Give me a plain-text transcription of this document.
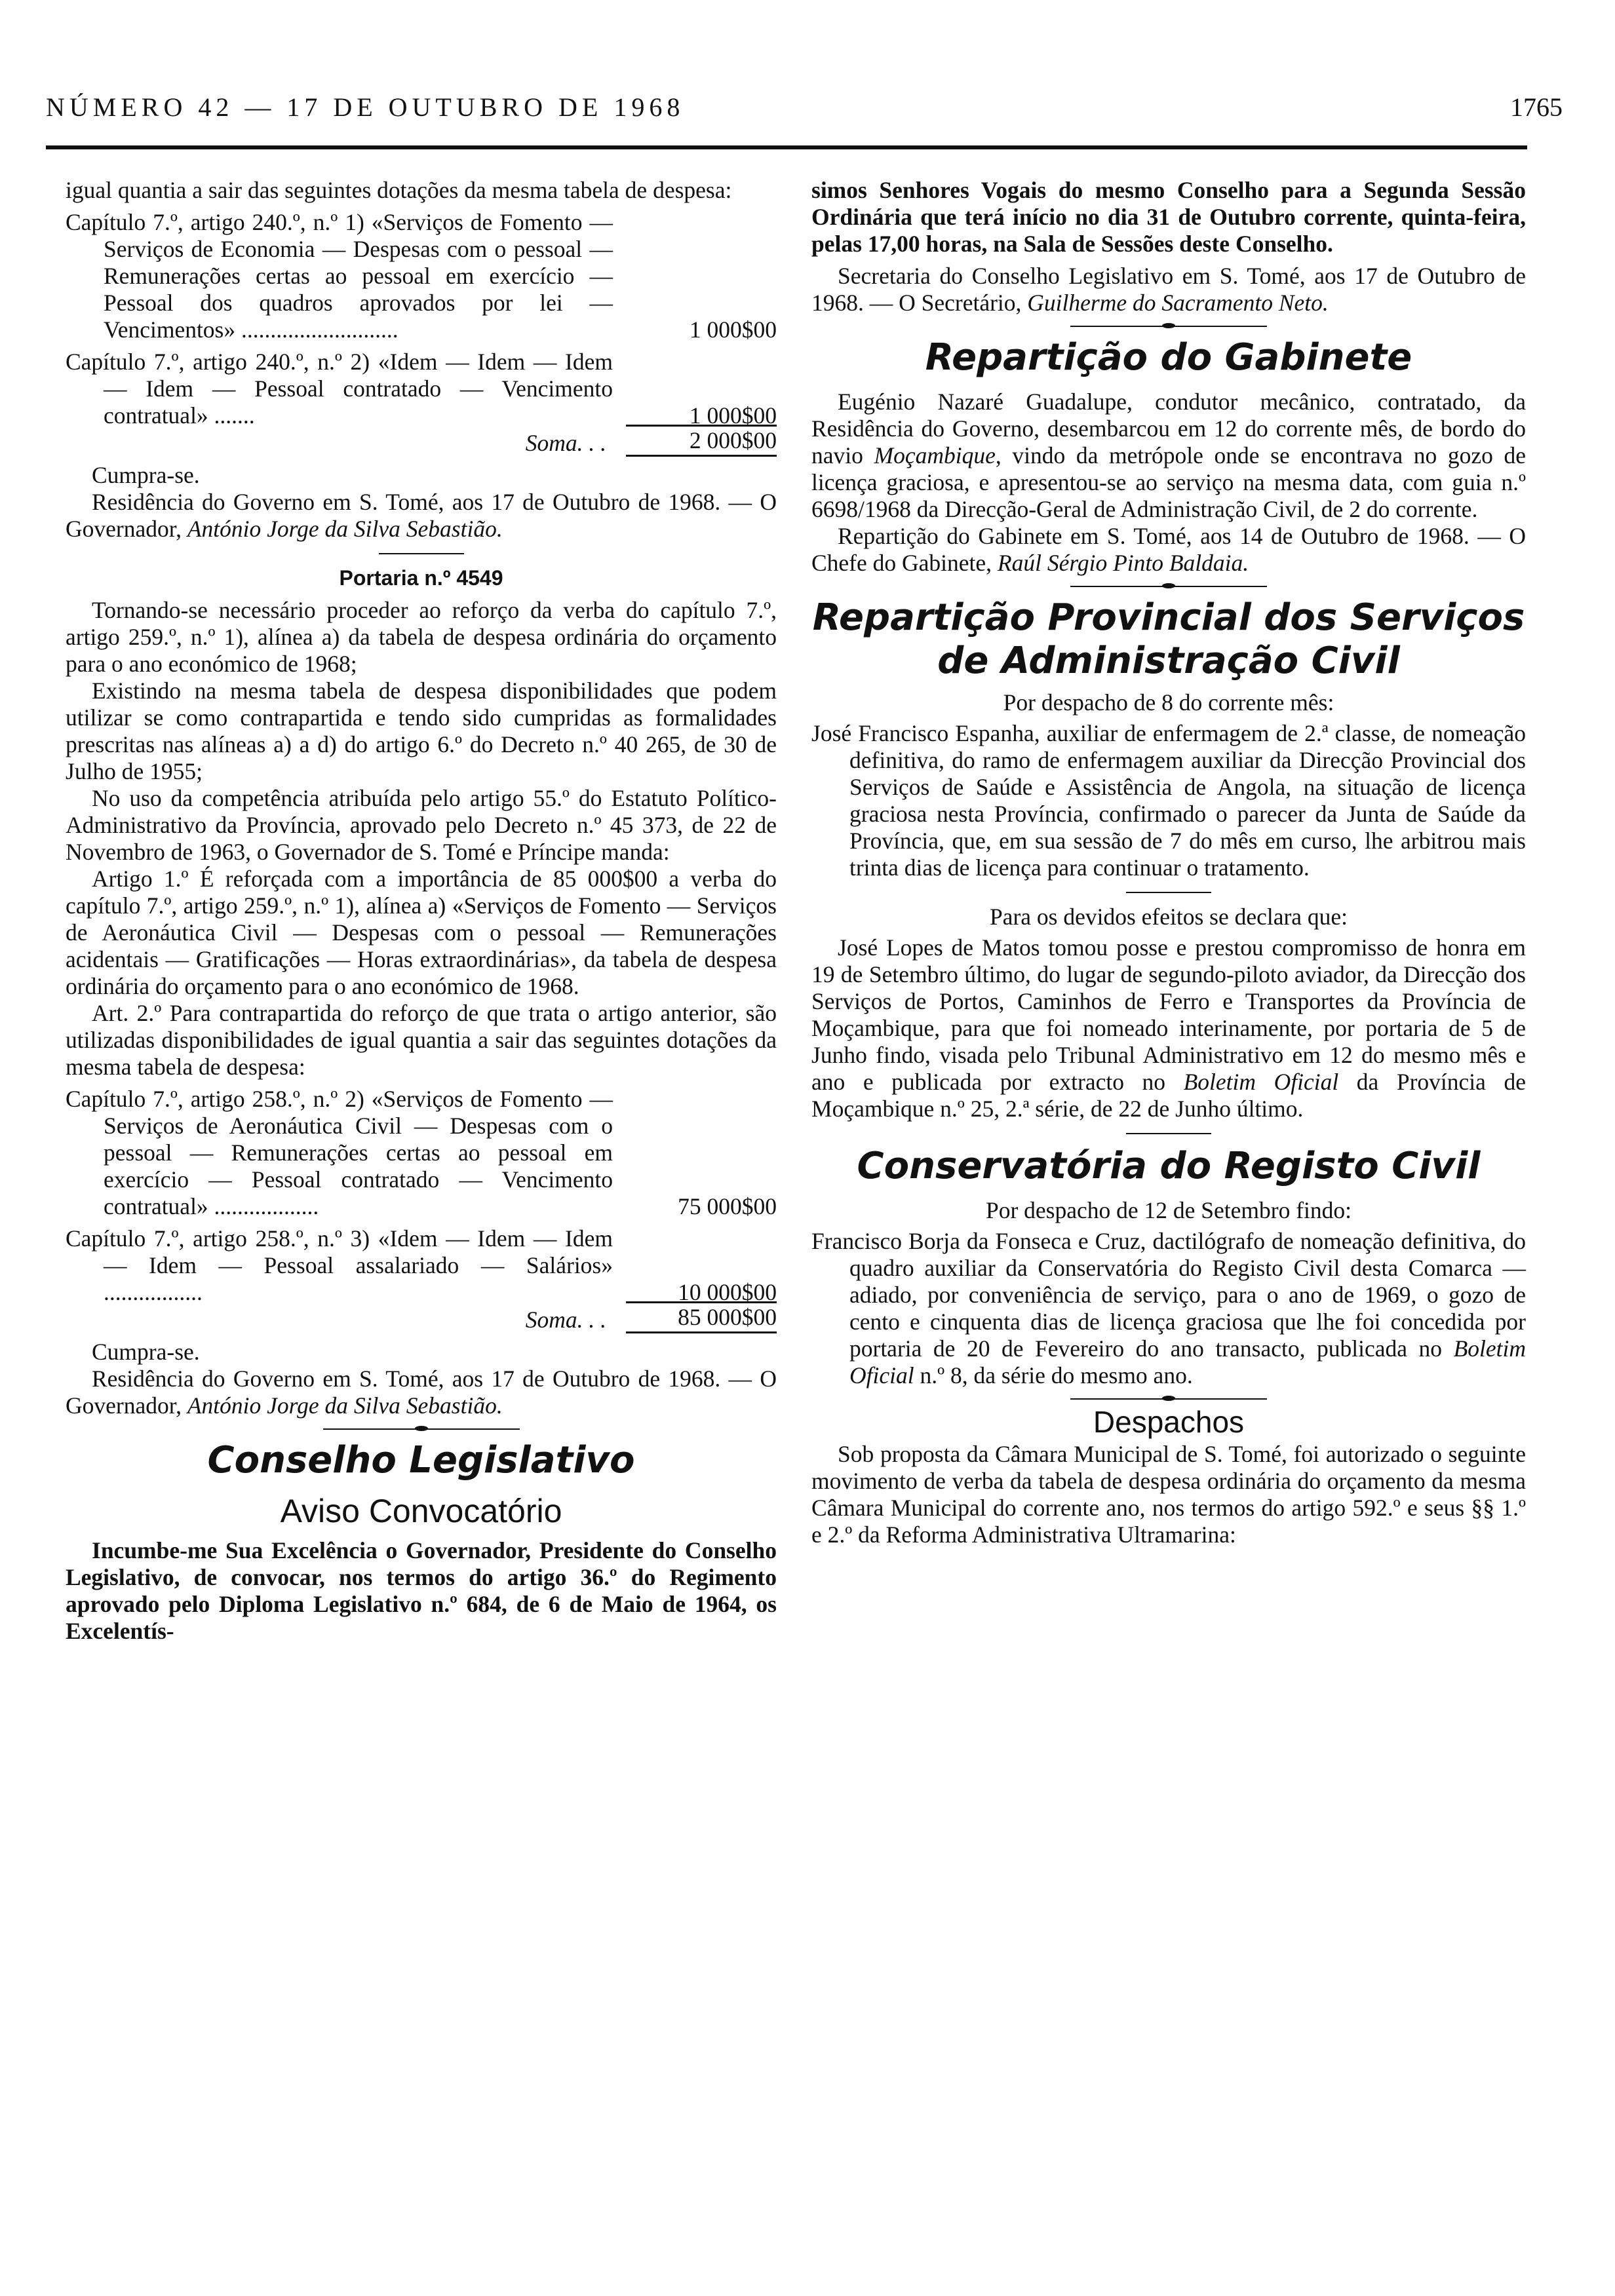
NÚMERO 42 — 17 DE OUTUBRO DE 1968	1765

igual quantia a sair das seguintes dotações da mesma tabela de despesa:

Capítulo 7.º, artigo 240.º, n.º 1) «Serviços de Fomento — Serviços de Economia — Despesas com o pessoal — Remunerações certas ao pessoal em exercício — Pessoal dos quadros aprovados por lei — Vencimentos» ...........................	1 000$00

Capítulo 7.º, artigo 240.º, n.º 2) «Idem — Idem — Idem — Idem — Pessoal contratado — Vencimento contratual» .......	1 000$00

Soma. . .	2 000$00

Cumpra-se.

Residência do Governo em S. Tomé, aos 17 de Outubro de 1968. — O Governador, António Jorge da Silva Sebastião.

Portaria n.º 4549

Tornando-se necessário proceder ao reforço da verba do capítulo 7.º, artigo 259.º, n.º 1), alínea a) da tabela de despesa ordinária do orçamento para o ano económico de 1968;

Existindo na mesma tabela de despesa disponibilidades que podem utilizar se como contrapartida e tendo sido cumpridas as formalidades prescritas nas alíneas a) a d) do artigo 6.º do Decreto n.º 40 265, de 30 de Julho de 1955;

No uso da competência atribuída pelo artigo 55.º do Estatuto Político-Administrativo da Província, aprovado pelo Decreto n.º 45 373, de 22 de Novembro de 1963, o Governador de S. Tomé e Príncipe manda:

Artigo 1.º É reforçada com a importância de 85 000$00 a verba do capítulo 7.º, artigo 259.º, n.º 1), alínea a) «Serviços de Fomento — Serviços de Aeronáutica Civil — Despesas com o pessoal — Remunerações acidentais — Gratificações — Horas extraordinárias», da tabela de despesa ordinária do orçamento para o ano económico de 1968.

Art. 2.º Para contrapartida do reforço de que trata o artigo anterior, são utilizadas disponibilidades de igual quantia a sair das seguintes dotações da mesma tabela de despesa:

Capítulo 7.º, artigo 258.º, n.º 2) «Serviços de Fomento — Serviços de Aeronáutica Civil — Despesas com o pessoal — Remunerações certas ao pessoal em exercício — Pessoal contratado — Vencimento contratual» ..................	75 000$00

Capítulo 7.º, artigo 258.º, n.º 3) «Idem — Idem — Idem — Idem — Pessoal assalariado — Salários» .................	10 000$00

Soma. . .	85 000$00

Cumpra-se.

Residência do Governo em S. Tomé, aos 17 de Outubro de 1968. — O Governador, António Jorge da Silva Sebastião.

Conselho Legislativo
Aviso Convocatório

Incumbe-me Sua Excelência o Governador, Presidente do Conselho Legislativo, de convocar, nos termos do artigo 36.º do Regimento aprovado pelo Diploma Legislativo n.º 684, de 6 de Maio de 1964, os Excelentís-

simos Senhores Vogais do mesmo Conselho para a Segunda Sessão Ordinária que terá início no dia 31 de Outubro corrente, quinta-feira, pelas 17,00 horas, na Sala de Sessões deste Conselho.

Secretaria do Conselho Legislativo em S. Tomé, aos 17 de Outubro de 1968. — O Secretário, Guilherme do Sacramento Neto.

Repartição do Gabinete

Eugénio Nazaré Guadalupe, condutor mecânico, contratado, da Residência do Governo, desembarcou em 12 do corrente mês, de bordo do navio Moçambique, vindo da metrópole onde se encontrava no gozo de licença graciosa, e apresentou-se ao serviço na mesma data, com guia n.º 6698/1968 da Direcção-Geral de Administração Civil, de 2 do corrente.

Repartição do Gabinete em S. Tomé, aos 14 de Outubro de 1968. — O Chefe do Gabinete, Raúl Sérgio Pinto Baldaia.

Repartição Provincial dos Serviços
de Administração Civil

Por despacho de 8 do corrente mês:

José Francisco Espanha, auxiliar de enfermagem de 2.ª classe, de nomeação definitiva, do ramo de enfermagem auxiliar da Direcção Provincial dos Serviços de Saúde e Assistência de Angola, na situação de licença graciosa nesta Província, confirmado o parecer da Junta de Saúde da Província, que, em sua sessão de 7 do mês em curso, lhe arbitrou mais trinta dias de licença para continuar o tratamento.

Para os devidos efeitos se declara que:

José Lopes de Matos tomou posse e prestou compromisso de honra em 19 de Setembro último, do lugar de segundo-piloto aviador, da Direcção dos Serviços de Portos, Caminhos de Ferro e Transportes da Província de Moçambique, para que foi nomeado interinamente, por portaria de 5 de Junho findo, visada pelo Tribunal Administrativo em 12 do mesmo mês e ano e publicada por extracto no Boletim Oficial da Província de Moçambique n.º 25, 2.ª série, de 22 de Junho último.

Conservatória do Registo Civil

Por despacho de 12 de Setembro findo:

Francisco Borja da Fonseca e Cruz, dactilógrafo de nomeação definitiva, do quadro auxiliar da Conservatória do Registo Civil desta Comarca — adiado, por conveniência de serviço, para o ano de 1969, o gozo de cento e cinquenta dias de licença graciosa que lhe foi concedida por portaria de 20 de Fevereiro do ano transacto, publicada no Boletim Oficial n.º 8, da série do mesmo ano.

Despachos

Sob proposta da Câmara Municipal de S. Tomé, foi autorizado o seguinte movimento de verba da tabela de despesa ordinária do orçamento da mesma Câmara Municipal do corrente ano, nos termos do artigo 592.º e seus §§ 1.º e 2.º da Reforma Administrativa Ultramarina:
